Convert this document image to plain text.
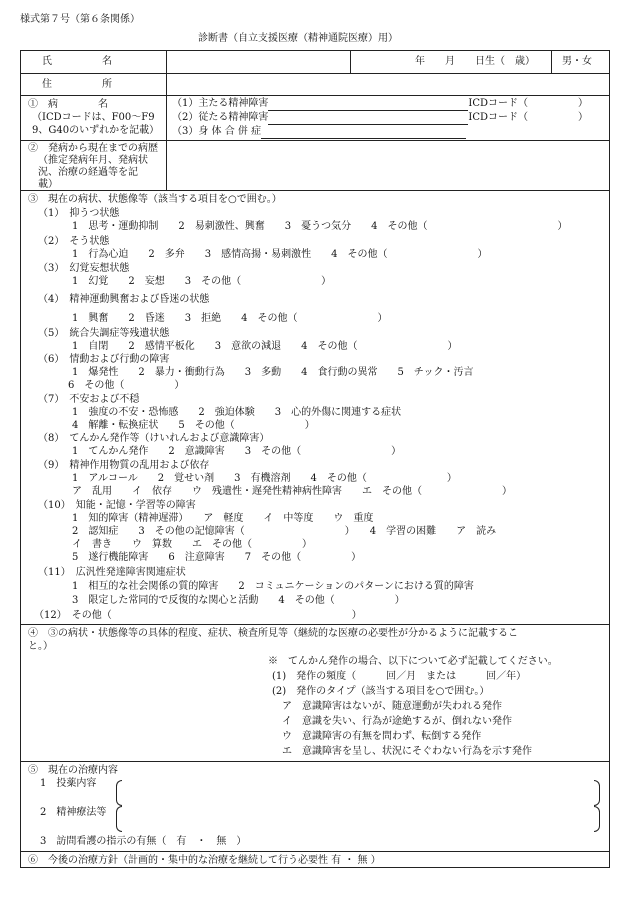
様式第７号（第６条関係）
診断書（自立支援医療（精神通院医療）用）
氏　　　　　名	年　　月　　日生（　歳）	男・女
住　　　　　所
①　病　　　　名
（ICDコードは、F00～F9
9、G40のいずれかを記載）
（1）主たる精神障害	ICDコード（　　　　　）
（2）従たる精神障害	ICDコード（　　　　　）
（3）身 体 合 併 症
②　発病から現在までの病歴
（推定発病年月、発病状
況、治療の経過等を記
載）
③　現在の病状、状態像等（該当する項目を○で囲む。）
（1）　抑うつ状態
1　思考・運動抑制　　2　易刺激性、興奮　　3　憂うつ気分　　4　その他（　　　　　　　　　　　　　）
（2）　そう状態
1　行為心迫　　2　多弁　　3　感情高揚・易刺激性　　4　その他（　　　　　　　　　）
（3）　幻覚妄想状態
1　幻覚　　2　妄想　　3　その他（　　　　　　　　）
（4）　精神運動興奮および昏迷の状態
1　興奮　　2　昏迷　　3　拒絶　　4　その他（　　　　　　　　）
（5）　統合失調症等残遺状態
1　自閉　　2　感情平板化　　3　意欲の減退　　4　その他（　　　　　　　　　）
（6）　情動および行動の障害
1　爆発性　　2　暴力・衝動行為　　3　多動　　4　食行動の異常　　5　チック・汚言
6　その他（　　　　　）
（7）　不安および不穏
1　強度の不安・恐怖感　　2　強迫体験　　3　心的外傷に関連する症状
4　解離・転換症状　　5　その他（　　　　　　　）
（8）　てんかん発作等（けいれんおよび意識障害）
1　てんかん発作　　2　意識障害　　3　その他（　　　　　　　　　）
（9）　精神作用物質の乱用および依存
1　アルコール　　2　覚せい剤　　3　有機溶剤　　4　その他（　　　　　　　　）
ア　乱用　　イ　依存　　ウ　残遺性・遅発性精神病性障害　　エ　その他（　　　　　　　　）
（10）　知能・記憶・学習等の障害
1　知的障害（精神遅滞）　　ア　軽度　　イ　中等度　　ウ　重度
2　認知症　　3　その他の記憶障害（　　　　　　　　　　）　　4　学習の困難　　ア　読み
イ　書き　　ウ　算数　　エ　その他（　　　　　）
5　遂行機能障害　　6　注意障害　　7　その他（　　　　　）
（11）　広汎性発達障害関連症状
1　相互的な社会関係の質的障害　　2　コミュニケーションのパターンにおける質的障害
3　限定した常同的で反復的な関心と活動　　4　その他（　　　　　　）
（12）　その他（　　　　　　　　　　　　　　　　　　　　　　　　）
④　③の病状・状態像等の具体的程度、症状、検査所見等（継続的な医療の必要性が分かるように記載するこ
と。）
※　てんかん発作の場合、以下について必ず記載してください。
(1)　発作の頻度（　　　回／月　または　　　回／年）
(2)　発作のタイプ（該当する項目を○で囲む。）
ア　意識障害はないが、随意運動が失われる発作
イ　意識を失い、行為が途絶するが、倒れない発作
ウ　意識障害の有無を問わず、転倒する発作
エ　意識障害を呈し、状況にそぐわない行為を示す発作
⑤　現在の治療内容
1　投薬内容
2　精神療法等
3　訪問看護の指示の有無（　有　・　無　）
⑥　今後の治療方針（計画的・集中的な治療を継続して行う必要性 有 ・ 無 ）
